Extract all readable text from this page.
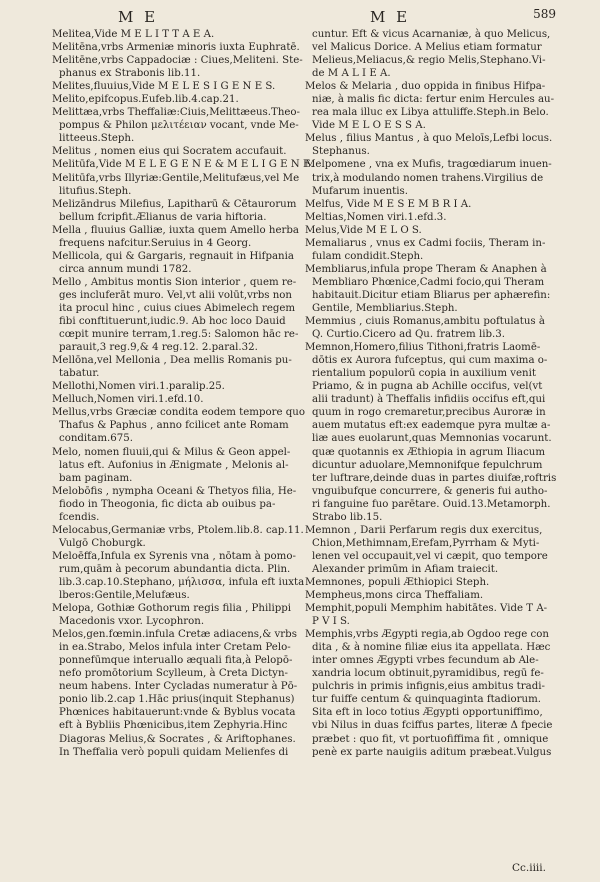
M E	M E	589
Melitea,Vide M E L I T T A E A.
Melitēna,vrbs Armeniæ minoris iuxta Euphratē.
Melitēne,vrbs Cappadociæ : Ciues,Meliteni. Ste-
phanus ex Strabonis lib.11.
Melites,fluuius,Vide M E L E S I G E N E S.
Melito,epifcopus.Eufeb.lib.4.cap.21.
Melittæa,vrbs Theffaliæ:Ciuis,Melittæeus.Theo-
pompus & Philon μελιτέειαν vocant, vnde Me-
litteeus.Steph.
Melitus , nomen eius qui Socratem accufauit.
Melitūfa,Vide M E L E G E N E & M E L I G E N E.
Melitūfa,vrbs Illyriæ:Gentile,Melitufæus,vel Me
litufius.Steph.
Melizāndrus Milefius, Lapitharū & Cētaurorum
bellum fcripfit.Ælianus de varia hiftoria.
Mella , fluuius Galliæ, iuxta quem Amello herba
frequens nafcitur.Seruius in 4 Georg.
Mellicola, qui & Gargaris, regnauit in Hifpania
circa annum mundi 1782.
Mello , Ambitus montis Sion interior , quem re-
ges incluferāt muro. Vel,vt alii volūt,vrbs non
ita procul hinc , cuius ciues Abimelech regem
fibi conftituerunt,iudic.9. Ab hoc loco Dauid
cœpit munire terram,1.reg.5: Salomon hāc re-
parauit,3 reg.9,& 4 reg.12. 2.paral.32.
Mellōna,vel Mellonia , Dea mellis Romanis pu-
tabatur.
Mellothi,Nomen viri.1.paralip.25.
Melluch,Nomen viri.1.efd.10.
Mellus,vrbs Græciæ condita eodem tempore quo
Thafus & Paphus , anno fcilicet ante Romam
conditam.675.
Melo, nomen fluuii,qui & Milus & Geon appel-
latus eft. Aufonius in Ænigmate , Melonis al-
bam paginam.
Melobōfis , nympha Oceani & Thetyos filia, He-
fiodo in Theogonia, fic dicta ab ouibus pa-
fcendis.
Melocabus,Germaniæ vrbs, Ptolem.lib.8. cap.11.
Vulgō Choburgk.
Meloēffa,Infula ex Syrenis vna , nōtam à pomo-
rum,quām à pecorum abundantia dicta. Plin.
lib.3.cap.10.Stephano, μήλισσα, infula eft iuxta
lberos:Gentile,Melufæus.
Melopa, Gothiæ Gothorum regis filia , Philippi
Macedonis vxor. Lycophron.
Melos,gen.fœmin.infula Cretæ adiacens,& vrbs
in ea.Strabo, Melos infula inter Cretam Pelo-
ponnefūmque interuallo æquali fita,à Pelopō-
nefo promōtorium Scylleum, à Creta Dictyn-
neum habens. Inter Cycladas numeratur à Pō-
ponio lib.2.cap 1.Hāc prius(inquit Stephanus)
Phœnices habitauerunt:vnde & Byblus vocata
eft à Bybliis Phœnicibus,item Zephyria.Hinc
Diagoras Melius,& Socrates , & Ariftophanes.
In Theffalia verò populi quidam Melienfes di
cuntur. Eft & vicus Acarnaniæ, à quo Melicus,
vel Malicus Dorice. A Melius etiam formatur
Melieus,Meliacus,& regio Melis,Stephano.Vi-
de M A L I E A.
Melos & Melaria , duo oppida in finibus Hifpa-
niæ, à malis fic dicta: fertur enim Hercules au-
rea mala illuc ex Libya attuliffe.Steph.in Belo.
Vide M E L O E S S A.
Melus , filius Mantus , à quo Meloīs,Lefbi locus.
Stephanus.
Melpomene , vna ex Mufis, tragœdiarum inuen-
trix,à modulando nomen trahens.Virgilius de
Mufarum inuentis.
Melfus, Vide M E S E M B R I A.
Meltias,Nomen viri.1.efd.3.
Melus,Vide M E L O S.
Memaliarus , vnus ex Cadmi fociis, Theram in-
fulam condidit.Steph.
Membliarus,infula prope Theram & Anaphen à
Membliaro Phœnice,Cadmi focio,qui Theram
habitauit.Dicitur etiam Bliarus per aphærefin:
Gentile, Membliarius.Steph.
Memmius , ciuis Romanus,ambitu poftulatus à
Q. Curtio.Cicero ad Qu. fratrem lib.3.
Memnon,Homero,filius Tithoni,fratris Laomē-
dōtis ex Aurora fufceptus, qui cum maxima o-
rientalium populorū copia in auxilium venit
Priamo, & in pugna ab Achille occifus, vel(vt
alii tradunt) à Theffalis infidiis occifus eft,qui
quum in rogo cremaretur,precibus Auroræ in
auem mutatus eft:ex eademque pyra multæ a-
liæ aues euolarunt,quas Memnonias vocarunt.
quæ quotannis ex Æthiopia in agrum Iliacum
dicuntur aduolare,Memnonifque fepulchrum
ter luftrare,deinde duas in partes diuifæ,roftris
vnguibufque concurrere, & generis fui autho-
ri fanguine fuo parētare. Ouid.13.Metamorph.
Strabo lib.15.
Memnon , Darii Perfarum regis dux exercitus,
Chion,Methimnam,Erefam,Pyrrham & Myti-
lenen vel occupauit,vel vi cæpit, quo tempore
Alexander primūm in Afiam traiecit.
Memnones, populi Æthiopici Steph.
Mempheus,mons circa Theffaliam.
Memphit,populi Memphim habitātes. Vide T A-
P V I S.
Memphis,vrbs Ægypti regia,ab Ogdoo rege con
dita , & à nomine filiæ eius ita appellata. Hæc
inter omnes Ægypti vrbes fecundum ab Ale-
xandria locum obtinuit,pyramidibus, regū fe-
pulchris in primis infignis,eius ambitus tradi-
tur fuiffe centum & quinquaginta ftadiorum.
Sita eft in loco totius Ægypti opportuniffimo,
vbi Nilus in duas fciffus partes, literæ Δ fpecie
præbet : quo fit, vt portuofiffima fit , omnique
penè ex parte nauigiis aditum præbeat.Vulgus
Cc.iiii.
